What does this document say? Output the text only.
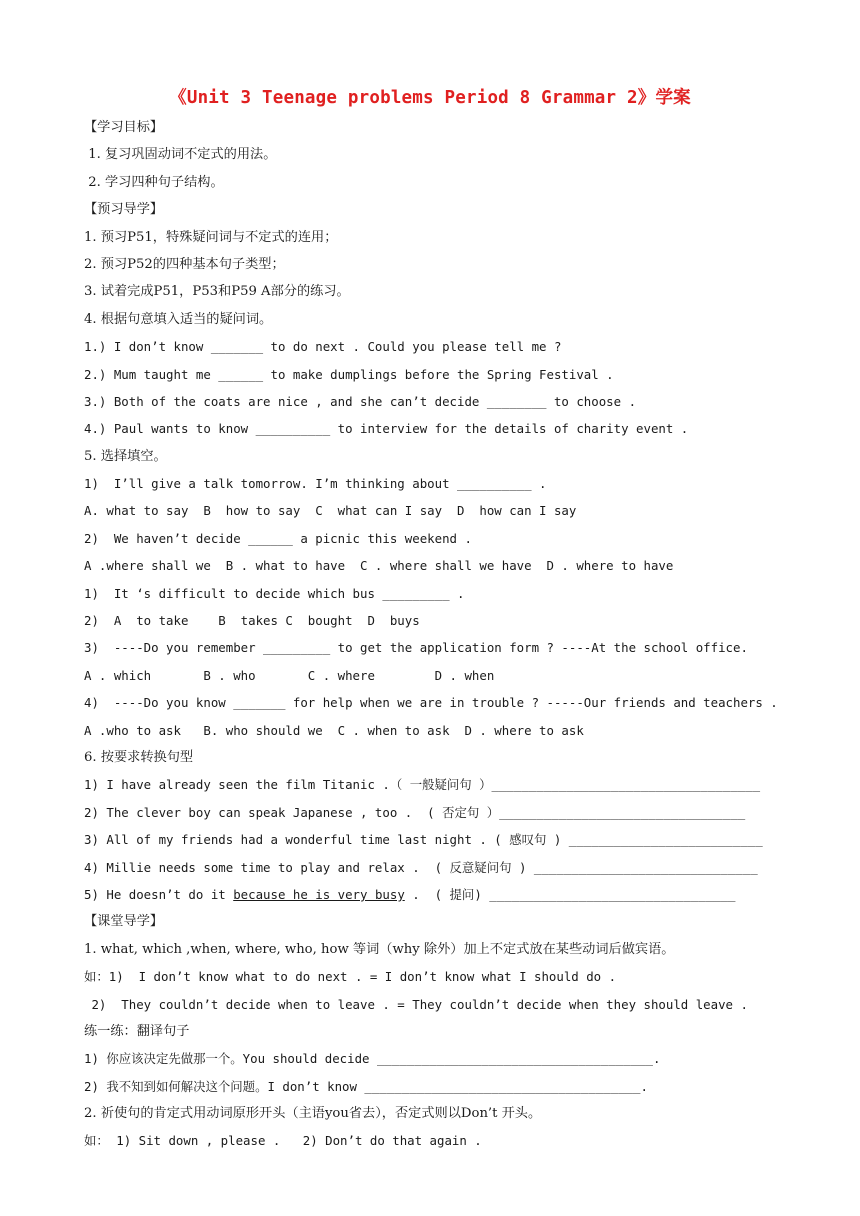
《Unit 3 Teenage problems Period 8 Grammar 2》学案
【学习目标】
1. 复习巩固动词不定式的用法。
2. 学习四种句子结构。
【预习导学】
1. 预习P51，特殊疑问词与不定式的连用；
2. 预习P52的四种基本句子类型；
3. 试着完成P51，P53和P59 A部分的练习。
4. 根据句意填入适当的疑问词。
1.) I don’t know _______ to do next . Could you please tell me ?
2.) Mum taught me ______ to make dumplings before the Spring Festival .
3.) Both of the coats are nice , and she can’t decide ________ to choose .
4.) Paul wants to know __________ to interview for the details of charity event .
5. 选择填空。
1)  I’ll give a talk tomorrow. I’m thinking about __________ .
A. what to say  B  how to say  C  what can I say  D  how can I say
2)  We haven’t decide ______ a picnic this weekend .
A .where shall we  B . what to have  C . where shall we have  D . where to have
1)  It ‘s difficult to decide which bus _________ .
2)  A  to take    B  takes C  bought  D  buys
3)  ----Do you remember _________ to get the application form ? ----At the school office.
A . which       B . who       C . where        D . when
4)  ----Do you know _______ for help when we are in trouble ? -----Our friends and teachers .
A .who to ask   B. who should we  C . when to ask  D . where to ask
6. 按要求转换句型
1) I have already seen the film Titanic .（ 一般疑问句 ）____________________________________
2) The clever boy can speak Japanese , too .  ( 否定句 ）_________________________________
3) All of my friends had a wonderful time last night . ( 感叹句 ) __________________________
4) Millie needs some time to play and relax .  ( 反意疑问句 ) ______________________________
5) He doesn’t do it because he is very busy .  ( 提问) _________________________________
【课堂导学】
1. what, which ,when, where, who, how 等词（why 除外）加上不定式放在某些动词后做宾语。
如：1)  I don’t know what to do next . = I don’t know what I should do .
2)  They couldn’t decide when to leave . = They couldn’t decide when they should leave .
练一练：翻译句子
1) 你应该决定先做那一个。You should decide _____________________________________.
2) 我不知到如何解决这个问题。I don’t know _____________________________________.
2. 祈使句的肯定式用动词原形开头（主语you省去），否定式则以Don’t 开头。
如： 1) Sit down , please .   2) Don’t do that again .
